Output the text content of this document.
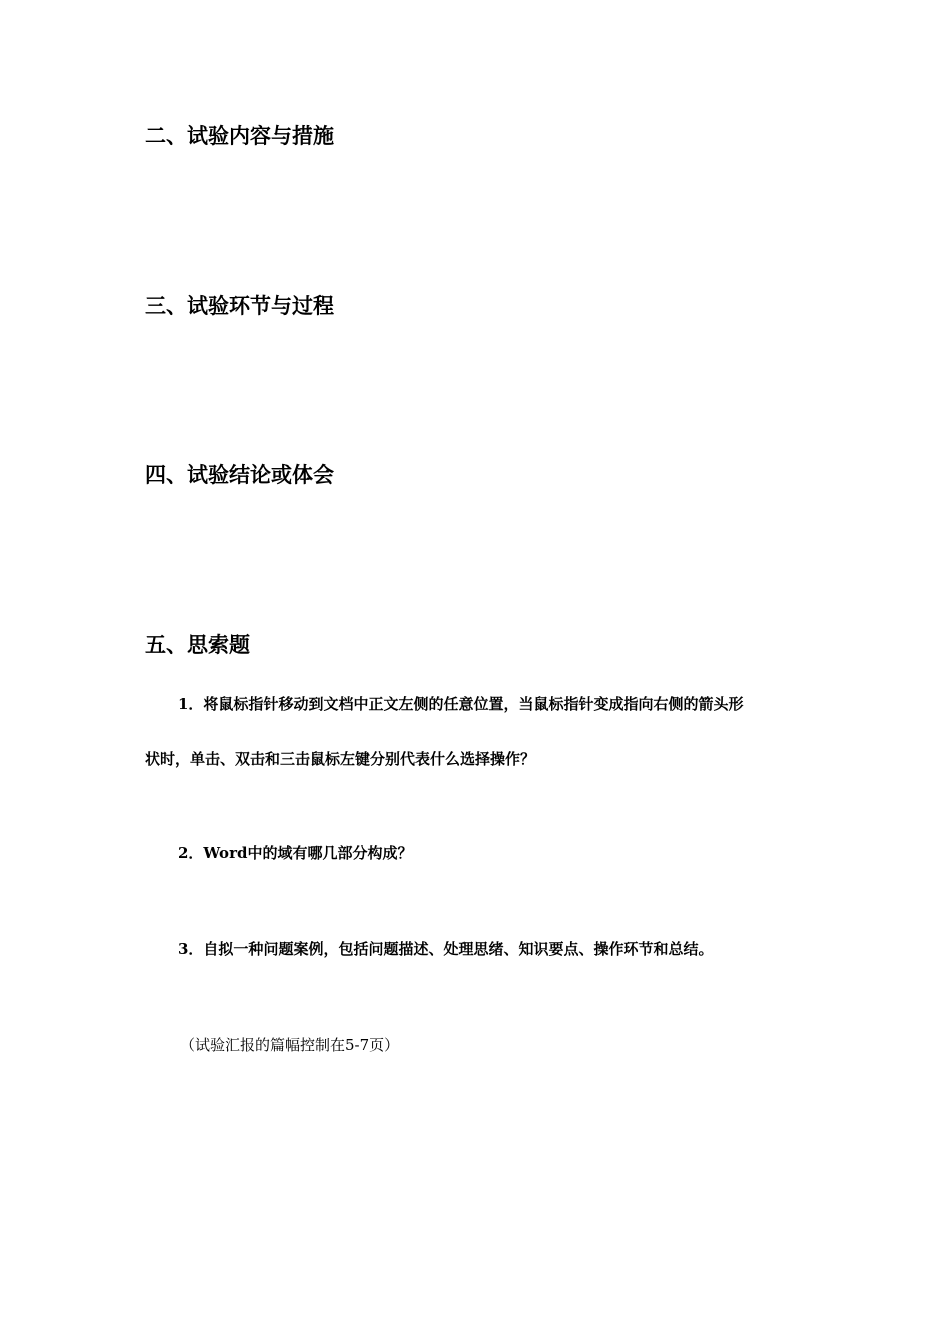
二、试验内容与措施
三、试验环节与过程
四、试验结论或体会
五、思索题

1．将鼠标指针移动到文档中正文左侧的任意位置，当鼠标指针变成指向右侧的箭头形

状时，单击、双击和三击鼠标左键分别代表什么选择操作？

2．Word中的域有哪几部分构成？

3．自拟一种问题案例，包括问题描述、处理思绪、知识要点、操作环节和总结。

（试验汇报的篇幅控制在5-7页）
